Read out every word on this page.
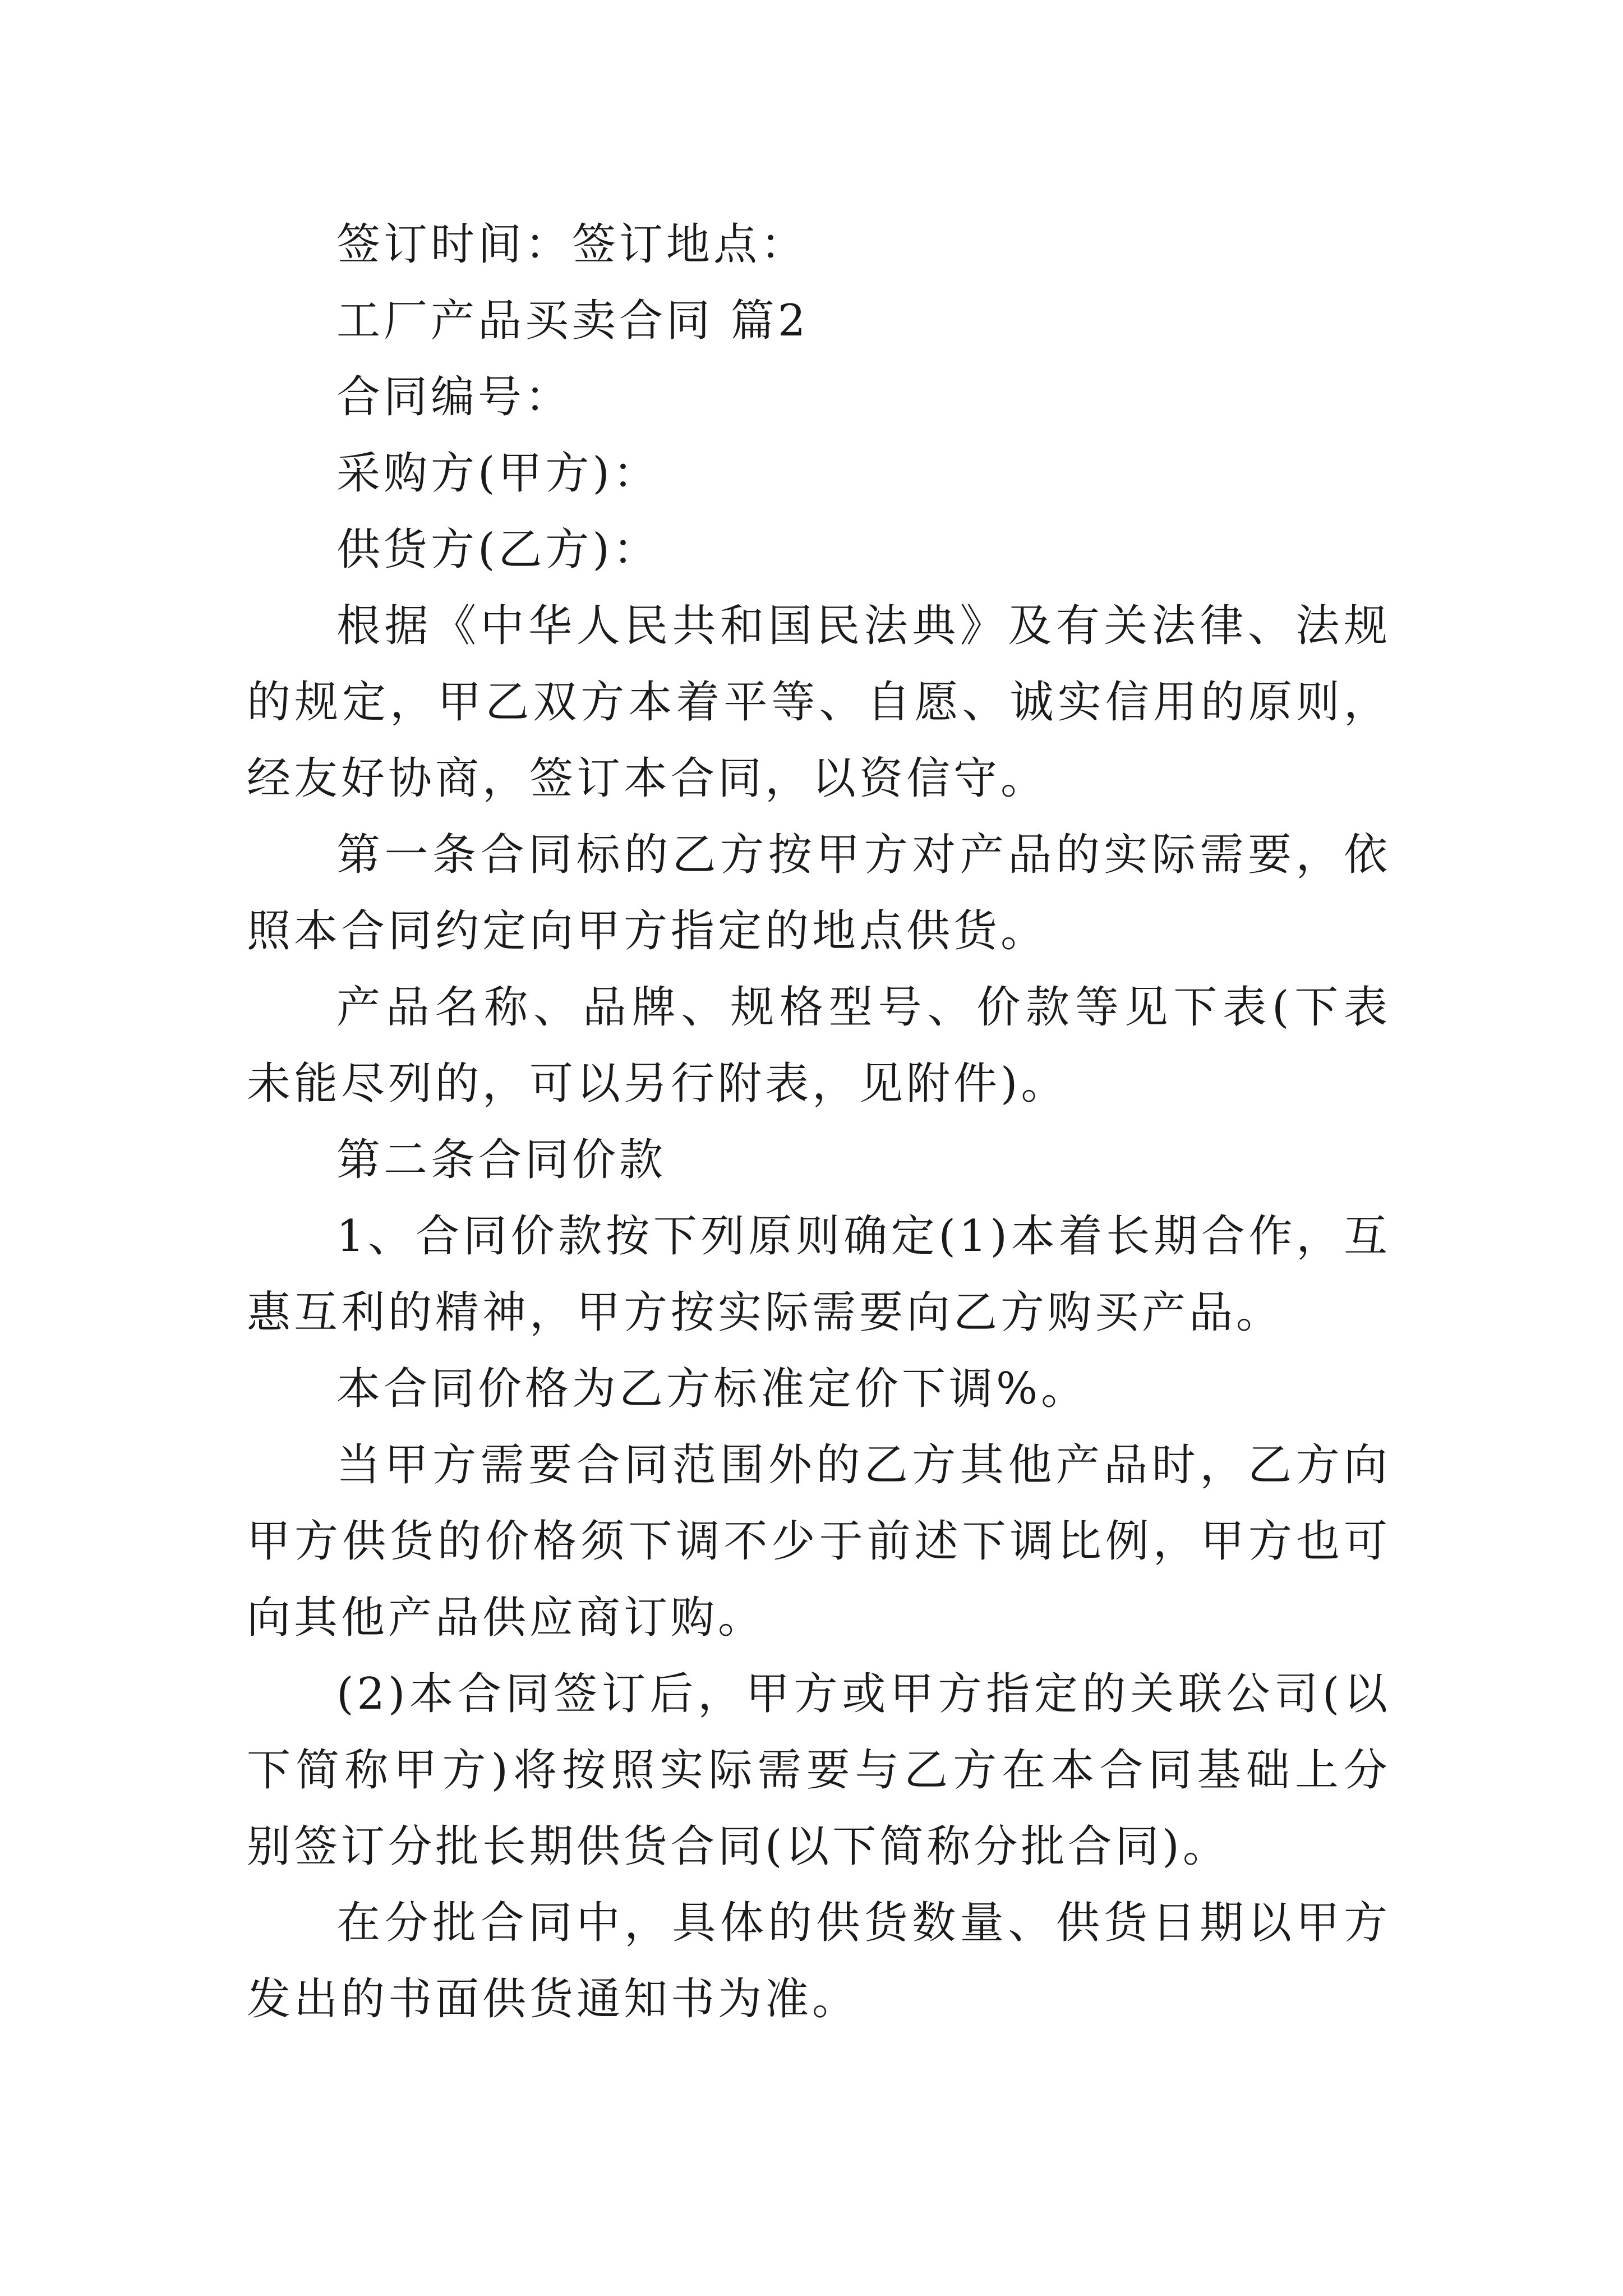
签订时间：签订地点：

工厂产品买卖合同 篇2

合同编号：

采购方(甲方)：

供货方(乙方)：

根据《中华人民共和国民法典》及有关法律、法规的规定，甲乙双方本着平等、自愿、诚实信用的原则，经友好协商，签订本合同，以资信守。

第一条合同标的乙方按甲方对产品的实际需要，依照本合同约定向甲方指定的地点供货。

产品名称、品牌、规格型号、价款等见下表(下表未能尽列的，可以另行附表，见附件)。

第二条合同价款

1、合同价款按下列原则确定(1)本着长期合作，互惠互利的精神，甲方按实际需要向乙方购买产品。

本合同价格为乙方标准定价下调%。

当甲方需要合同范围外的乙方其他产品时，乙方向甲方供货的价格须下调不少于前述下调比例，甲方也可向其他产品供应商订购。

(2)本合同签订后，甲方或甲方指定的关联公司(以下简称甲方)将按照实际需要与乙方在本合同基础上分别签订分批长期供货合同(以下简称分批合同)。

在分批合同中，具体的供货数量、供货日期以甲方发出的书面供货通知书为准。
